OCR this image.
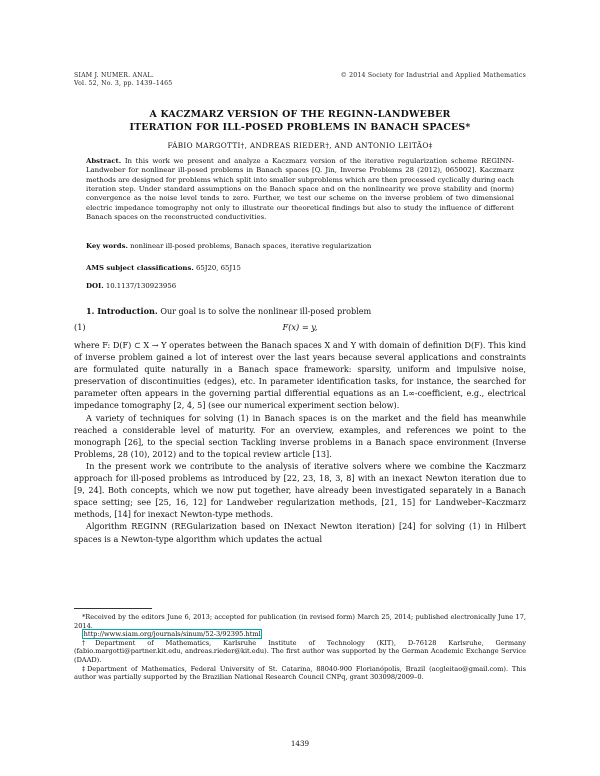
SIAM J. NUMER. ANAL.
Vol. 52, No. 3, pp. 1439–1465
© 2014 Society for Industrial and Applied Mathematics
A KACZMARZ VERSION OF THE REGINN-LANDWEBER
ITERATION FOR ILL-POSED PROBLEMS IN BANACH SPACES*
FÁBIO MARGOTTI†, ANDREAS RIEDER†, AND ANTONIO LEITÃO‡
Abstract. In this work we present and analyze a Kaczmarz version of the iterative regularization scheme REGINN-Landweber for nonlinear ill-posed problems in Banach spaces [Q. Jin, Inverse Problems 28 (2012), 065002]. Kaczmarz methods are designed for problems which split into smaller subproblems which are then processed cyclically during each iteration step. Under standard assumptions on the Banach space and on the nonlinearity we prove stability and (norm) convergence as the noise level tends to zero. Further, we test our scheme on the inverse problem of two dimensional electric impedance tomography not only to illustrate our theoretical findings but also to study the influence of different Banach spaces on the reconstructed conductivities.
Key words. nonlinear ill-posed problems, Banach spaces, iterative regularization
AMS subject classifications. 65J20, 65J15
DOI. 10.1137/130923956
1. Introduction. Our goal is to solve the nonlinear ill-posed problem
(1)	F(x) = y,

where F: D(F) ⊂ X → Y operates between the Banach spaces X and Y with domain of definition D(F). This kind of inverse problem gained a lot of interest over the last years because several applications and constraints are formulated quite naturally in a Banach space framework: sparsity, uniform and impulsive noise, preservation of discontinuities (edges), etc. In parameter identification tasks, for instance, the searched for parameter often appears in the governing partial differential equations as an L∞-coefficient, e.g., electrical impedance tomography [2, 4, 5] (see our numerical experiment section below).

A variety of techniques for solving (1) in Banach spaces is on the market and the field has meanwhile reached a considerable level of maturity. For an overview, examples, and references we point to the monograph [26], to the special section Tackling inverse problems in a Banach space environment (Inverse Problems, 28 (10), 2012) and to the topical review article [13].

In the present work we contribute to the analysis of iterative solvers where we combine the Kaczmarz approach for ill-posed problems as introduced by [22, 23, 18, 3, 8] with an inexact Newton iteration due to [9, 24]. Both concepts, which we now put together, have already been investigated separately in a Banach space setting; see [25, 16, 12] for Landweber regularization methods, [21, 15] for Landweber–Kaczmarz methods, [14] for inexact Newton-type methods.

Algorithm REGINN (REGularization based on INexact Newton iteration) [24] for solving (1) in Hilbert spaces is a Newton-type algorithm which updates the actual

*Received by the editors June 6, 2013; accepted for publication (in revised form) March 25, 2014; published electronically June 17, 2014.

http://www.siam.org/journals/sinum/52-3/92395.html

†Department of Mathematics, Karlsruhe Institute of Technology (KIT), D-76128 Karlsruhe, Germany (fabio.margotti@partner.kit.edu, andreas.rieder@kit.edu). The first author was supported by the German Academic Exchange Service (DAAD).

‡Department of Mathematics, Federal University of St. Catarina, 88040-900 Florianópolis, Brazil (acgleitao@gmail.com). This author was partially supported by the Brazilian National Research Council CNPq, grant 303098/2009–0.

1439
